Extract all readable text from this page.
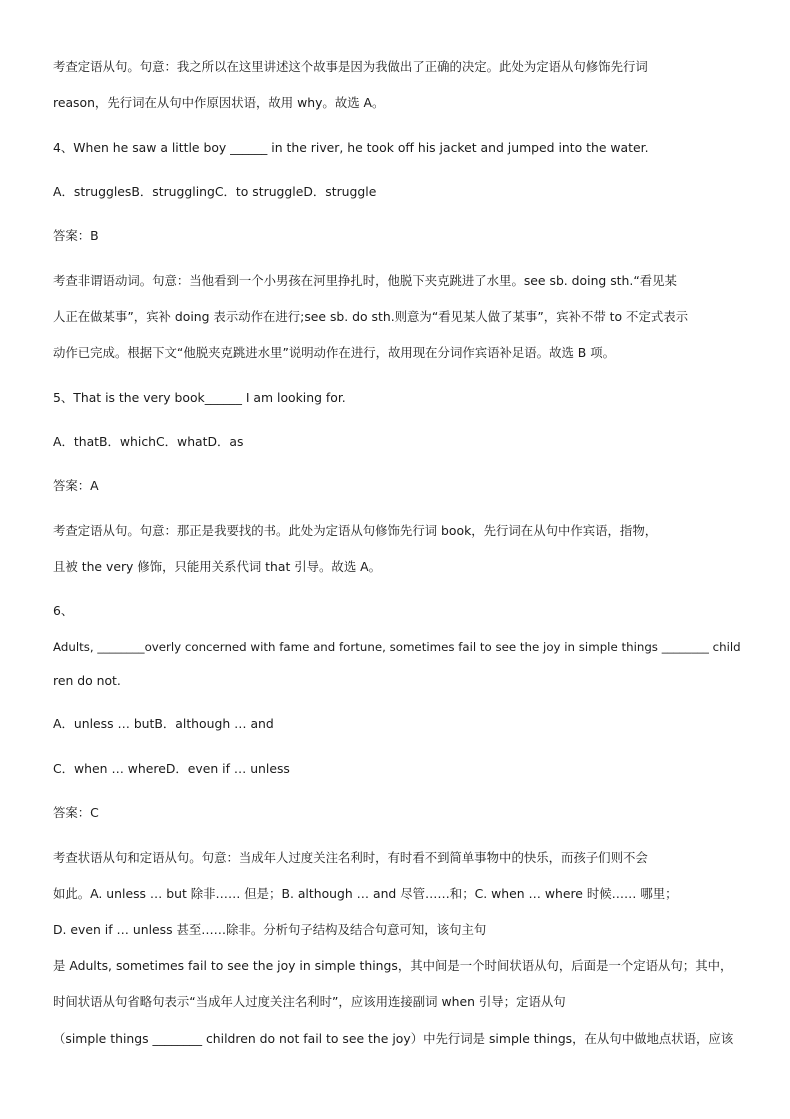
考查定语从句。句意：我之所以在这里讲述这个故事是因为我做出了正确的决定。此处为定语从句修饰先行词
reason，先行词在从句中作原因状语，故用 why。故选 A。
4、When he saw a little boy ______ in the river, he took off his jacket and jumped into the water.
A．strugglesB．strugglingC．to struggleD．struggle
答案：B
考查非谓语动词。句意：当他看到一个小男孩在河里挣扎时，他脱下夹克跳进了水里。see sb. doing sth.“看见某
人正在做某事”，宾补 doing 表示动作在进行;see sb. do sth.则意为“看见某人做了某事”，宾补不带 to 不定式表示
动作已完成。根据下文“他脱夹克跳进水里”说明动作在进行，故用现在分词作宾语补足语。故选 B 项。
5、That is the very book______ I am looking for.
A．thatB．whichC．whatD．as
答案：A
考查定语从句。句意：那正是我要找的书。此处为定语从句修饰先行词 book，先行词在从句中作宾语，指物，
且被 the very 修饰，只能用关系代词 that 引导。故选 A。
6、
Adults, ________overly concerned with fame and fortune, sometimes fail to see the joy in simple things ________ child
ren do not.
A．unless … butB．although … and
C．when … whereD．even if … unless
答案：C
考查状语从句和定语从句。句意：当成年人过度关注名利时，有时看不到简单事物中的快乐，而孩子们则不会
如此。A. unless … but 除非…… 但是；B. although … and 尽管……和；C. when … where 时候…… 哪里；
D. even if … unless 甚至……除非。分析句子结构及结合句意可知，该句主句
是 Adults, sometimes fail to see the joy in simple things，其中间是一个时间状语从句，后面是一个定语从句；其中，
时间状语从句省略句表示“当成年人过度关注名利时”，应该用连接副词 when 引导；定语从句
（simple things ________ children do not fail to see the joy）中先行词是 simple things，在从句中做地点状语，应该
